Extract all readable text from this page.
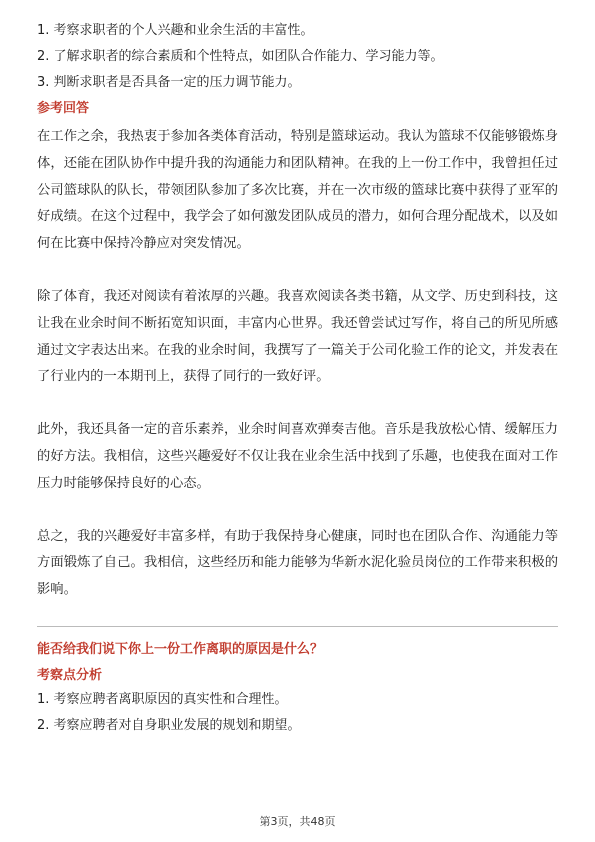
1. 考察求职者的个人兴趣和业余生活的丰富性。
2. 了解求职者的综合素质和个性特点，如团队合作能力、学习能力等。
3. 判断求职者是否具备一定的压力调节能力。
参考回答

在工作之余，我热衷于参加各类体育活动，特别是篮球运动。我认为篮球不仅能够锻炼身体，还能在团队协作中提升我的沟通能力和团队精神。在我的上一份工作中，我曾担任过公司篮球队的队长，带领团队参加了多次比赛，并在一次市级的篮球比赛中获得了亚军的好成绩。在这个过程中，我学会了如何激发团队成员的潜力，如何合理分配战术，以及如何在比赛中保持冷静应对突发情况。

除了体育，我还对阅读有着浓厚的兴趣。我喜欢阅读各类书籍，从文学、历史到科技，这让我在业余时间不断拓宽知识面，丰富内心世界。我还曾尝试过写作，将自己的所见所感通过文字表达出来。在我的业余时间，我撰写了一篇关于公司化验工作的论文，并发表在了行业内的一本期刊上，获得了同行的一致好评。

此外，我还具备一定的音乐素养，业余时间喜欢弹奏吉他。音乐是我放松心情、缓解压力的好方法。我相信，这些兴趣爱好不仅让我在业余生活中找到了乐趣，也使我在面对工作压力时能够保持良好的心态。

总之，我的兴趣爱好丰富多样，有助于我保持身心健康，同时也在团队合作、沟通能力等方面锻炼了自己。我相信，这些经历和能力能够为华新水泥化验员岗位的工作带来积极的影响。

能否给我们说下你上一份工作离职的原因是什么？
考察点分析
1. 考察应聘者离职原因的真实性和合理性。
2. 考察应聘者对自身职业发展的规划和期望。
第3页，共48页
